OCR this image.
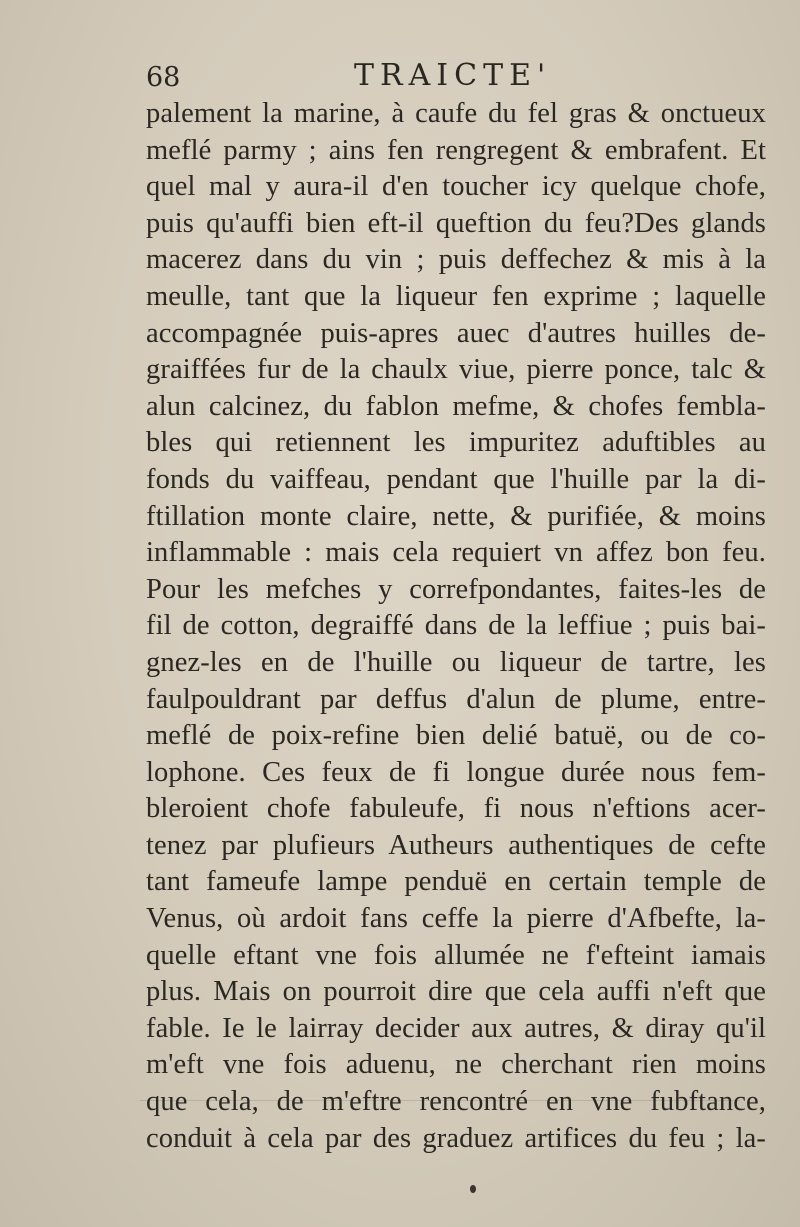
68	TRAICTE'
palement la marine, à caufe du fel gras & onctueux
meflé parmy ; ains fen rengregent & embrafent. Et
quel mal y aura-il d'en toucher icy quelque chofe,
puis qu'auffi bien eft-il queftion du feu?Des glands
macerez dans du vin ; puis deffechez & mis à la
meulle, tant que la liqueur fen exprime ; laquelle
accompagnée puis-apres auec d'autres huilles de-
graiffées fur de la chaulx viue, pierre ponce, talc &
alun calcinez, du fablon mefme, & chofes fembla-
bles qui retiennent les impuritez aduftibles au
fonds du vaiffeau, pendant que l'huille par la di-
ftillation monte claire, nette, & purifiée, & moins
inflammable : mais cela requiert vn affez bon feu.
Pour les mefches y correfpondantes, faites-les de
fil de cotton, degraiffé dans de la leffiue ; puis bai-
gnez-les en de l'huille ou liqueur de tartre, les
faulpouldrant par deffus d'alun de plume, entre-
meflé de poix-refine bien delié batuë, ou de co-
lophone. Ces feux de fi longue durée nous fem-
bleroient chofe fabuleufe, fi nous n'eftions acer-
tenez par plufieurs Autheurs authentiques de cefte
tant fameufe lampe penduë en certain temple de
Venus, où ardoit fans ceffe la pierre d'Afbefte, la-
quelle eftant vne fois allumée ne f'efteint iamais
plus. Mais on pourroit dire que cela auffi n'eft que
fable. Ie le lairray decider aux autres, & diray qu'il
m'eft vne fois aduenu, ne cherchant rien moins
que cela, de m'eftre rencontré en vne fubftance,
conduit à cela par des graduez artifices du feu ; la-
